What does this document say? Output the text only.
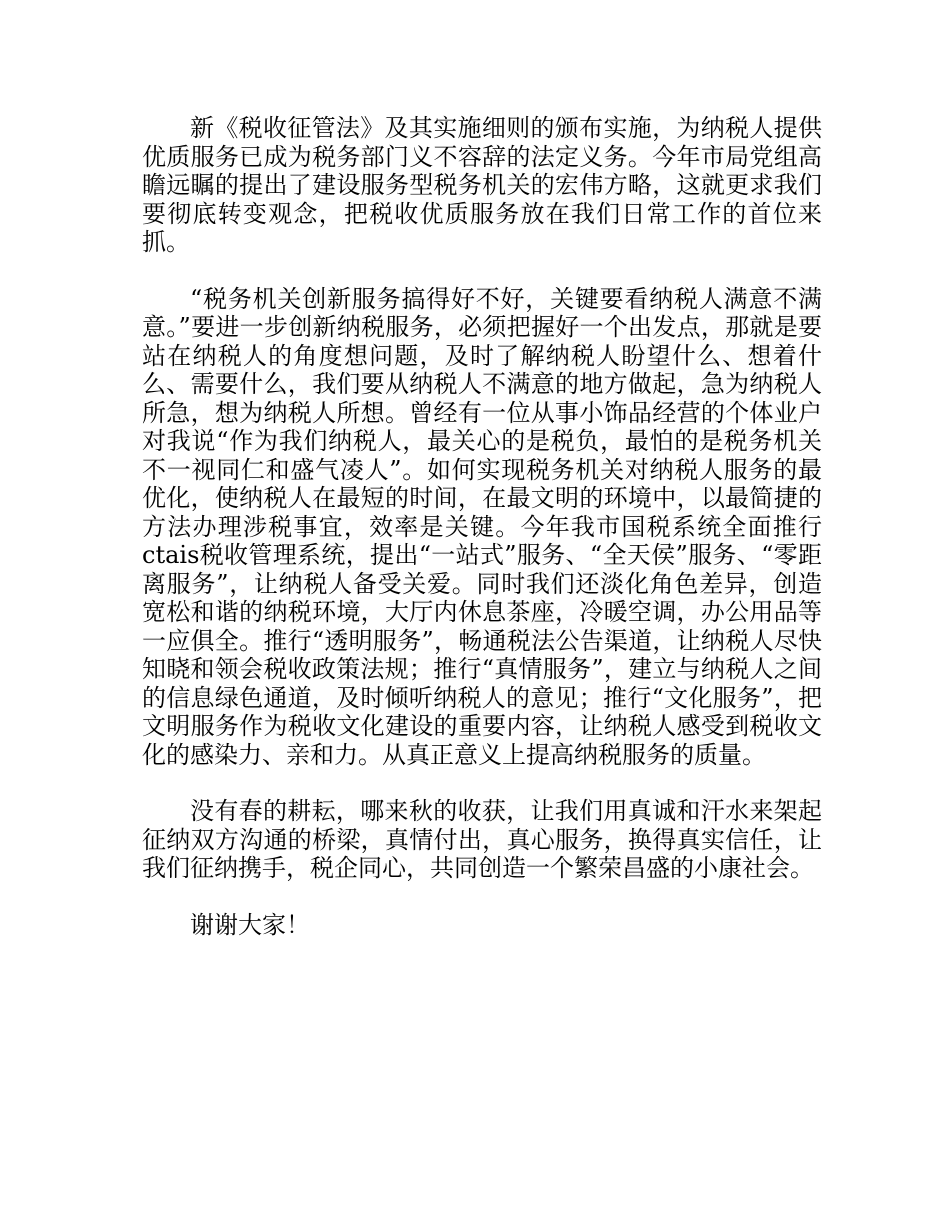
新《税收征管法》及其实施细则的颁布实施，为纳税人提供优质服务已成为税务部门义不容辞的法定义务。今年市局党组高瞻远瞩的提出了建设服务型税务机关的宏伟方略，这就更求我们要彻底转变观念，把税收优质服务放在我们日常工作的首位来抓。

“税务机关创新服务搞得好不好，关键要看纳税人满意不满意。”要进一步创新纳税服务，必须把握好一个出发点，那就是要站在纳税人的角度想问题，及时了解纳税人盼望什么、想着什么、需要什么，我们要从纳税人不满意的地方做起，急为纳税人所急，想为纳税人所想。曾经有一位从事小饰品经营的个体业户对我说“作为我们纳税人，最关心的是税负，最怕的是税务机关不一视同仁和盛气凌人”。如何实现税务机关对纳税人服务的最优化，使纳税人在最短的时间，在最文明的环境中，以最简捷的方法办理涉税事宜，效率是关键。今年我市国税系统全面推行ctais税收管理系统，提出“一站式”服务、“全天侯”服务、“零距离服务”，让纳税人备受关爱。同时我们还淡化角色差异，创造宽松和谐的纳税环境，大厅内休息茶座，冷暖空调，办公用品等一应俱全。推行“透明服务”，畅通税法公告渠道，让纳税人尽快知晓和领会税收政策法规；推行“真情服务”，建立与纳税人之间的信息绿色通道，及时倾听纳税人的意见；推行“文化服务”，把文明服务作为税收文化建设的重要内容，让纳税人感受到税收文化的感染力、亲和力。从真正意义上提高纳税服务的质量。

没有春的耕耘，哪来秋的收获，让我们用真诚和汗水来架起征纳双方沟通的桥梁，真情付出，真心服务，换得真实信任，让我们征纳携手，税企同心，共同创造一个繁荣昌盛的小康社会。

谢谢大家！
